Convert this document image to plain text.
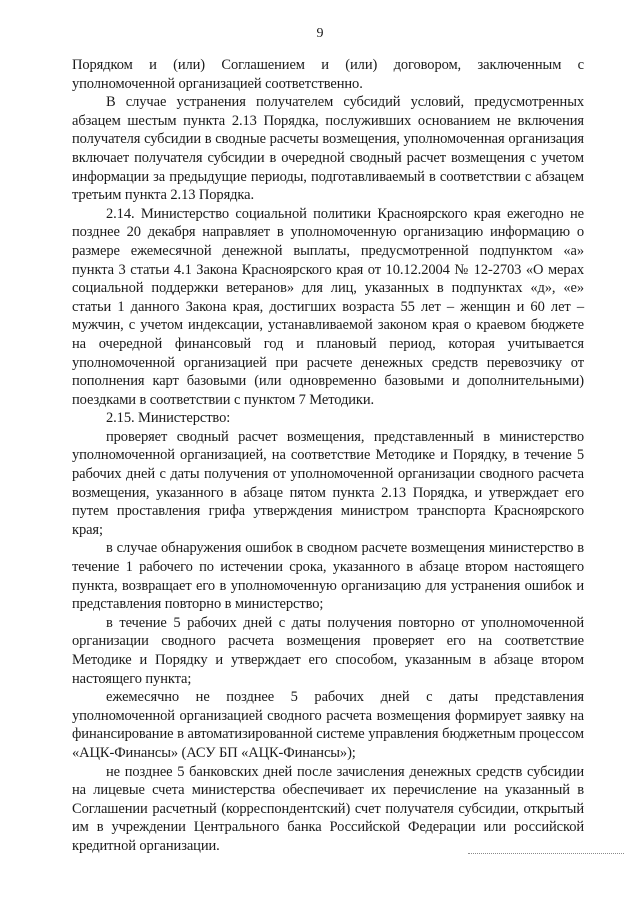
9

Порядком и (или) Соглашением и (или) договором, заключенным с уполномоченной организацией соответственно.

В случае устранения получателем субсидий условий, предусмотренных абзацем шестым пункта 2.13 Порядка, послуживших основанием не включения получателя субсидии в сводные расчеты возмещения, уполномоченная организация включает получателя субсидии в очередной сводный расчет возмещения с учетом информации за предыдущие периоды, подготавливаемый в соответствии с абзацем третьим пункта 2.13 Порядка.

2.14. Министерство социальной политики Красноярского края ежегодно не позднее 20 декабря направляет в уполномоченную организацию информацию о размере ежемесячной денежной выплаты, предусмотренной подпунктом «а» пункта 3 статьи 4.1 Закона Красноярского края от 10.12.2004 № 12-2703 «О мерах социальной поддержки ветеранов» для лиц, указанных в подпунктах «д», «е» статьи 1 данного Закона края, достигших возраста 55 лет – женщин и 60 лет – мужчин, с учетом индексации, устанавливаемой законом края о краевом бюджете на очередной финансовый год и плановый период, которая учитывается уполномоченной организацией при расчете денежных средств перевозчику от пополнения карт базовыми (или одновременно базовыми и дополнительными) поездками в соответствии с пунктом 7 Методики.

2.15. Министерство:

проверяет сводный расчет возмещения, представленный в министерство уполномоченной организацией, на соответствие Методике и Порядку, в течение 5 рабочих дней с даты получения от уполномоченной организации сводного расчета возмещения, указанного в абзаце пятом пункта 2.13 Порядка, и утверждает его путем проставления грифа утверждения министром транспорта Красноярского края;

в случае обнаружения ошибок в сводном расчете возмещения министерство в течение 1 рабочего по истечении срока, указанного в абзаце втором настоящего пункта, возвращает его в уполномоченную организацию для устранения ошибок и представления повторно в министерство;

в течение 5 рабочих дней с даты получения повторно от уполномоченной организации сводного расчета возмещения проверяет его на соответствие Методике и Порядку и утверждает его способом, указанным в абзаце втором настоящего пункта;

ежемесячно не позднее 5 рабочих дней с даты представления уполномоченной организацией сводного расчета возмещения формирует заявку на финансирование в автоматизированной системе управления бюджетным процессом «АЦК-Финансы» (АСУ БП «АЦК-Финансы»);

не позднее 5 банковских дней после зачисления денежных средств субсидии на лицевые счета министерства обеспечивает их перечисление на указанный в Соглашении расчетный (корреспондентский) счет получателя субсидии, открытый им в учреждении Центрального банка Российской Федерации или российской кредитной организации.
